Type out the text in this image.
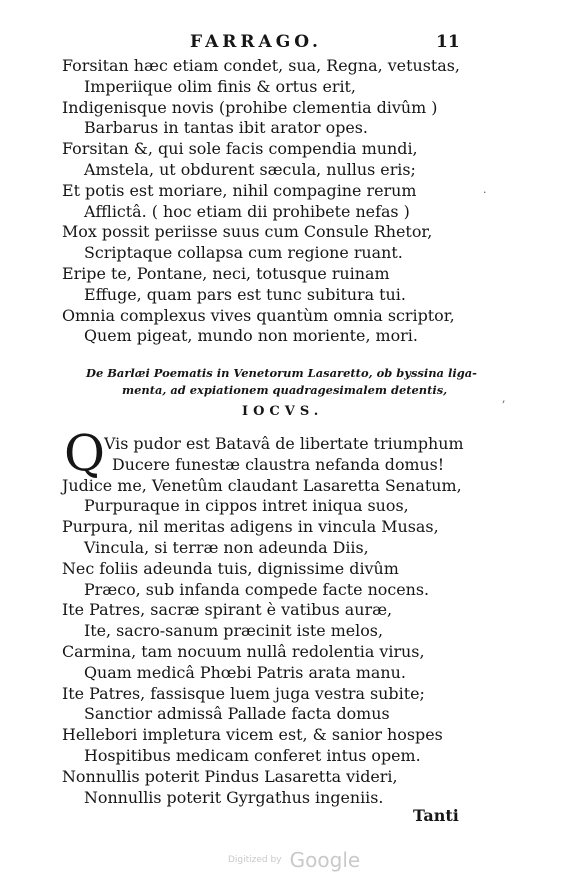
FARRAGO.	11
Forsitan hæc etiam condet, sua, Regna, vetustas,
Imperiique olim finis & ortus erit,
Indigenisque novis (prohibe clementia divûm )
Barbarus in tantas ibit arator opes.
Forsitan &, qui sole facis compendia mundi,
Amstela, ut obdurent sæcula, nullus eris;
Et potis est moriare, nihil compagine rerum
Afflictâ. ( hoc etiam dii prohibete nefas )
Mox possit periisse suus cum Consule Rhetor,
Scriptaque collapsa cum regione ruant.
Eripe te, Pontane, neci, totusque ruinam
Effuge, quam pars est tunc subitura tui.
Omnia complexus vives quantùm omnia scriptor,
Quem pigeat, mundo non moriente, mori.
De Barlæi Poematis in Venetorum Lasaretto, ob byssina liga-
menta, ad expiationem quadragesimalem detentis,
IOCVS.
Q Vis pudor est Batavâ de libertate triumphum
Ducere funestæ claustra nefanda domus!
Judice me, Venetûm claudant Lasaretta Senatum,
Purpuraque in cippos intret iniqua suos,
Purpura, nil meritas adigens in vincula Musas,
Vincula, si terræ non adeunda Diis,
Nec foliis adeunda tuis, dignissime divûm
Præco, sub infanda compede facte nocens.
Ite Patres, sacræ spirant è vatibus auræ,
Ite, sacro-sanum præcinit iste melos,
Carmina, tam nocuum nullâ redolentia virus,
Quam medicâ Phœbi Patris arata manu.
Ite Patres, fassisque luem juga vestra subite;
Sanctior admissâ Pallade facta domus
Hellebori impletura vicem est, & sanior hospes
Hospitibus medicam conferet intus opem.
Nonnullis poterit Pindus Lasaretta videri,
Nonnullis poterit Gyrgathus ingeniis.
Tanti
Digitized by Google
,
·
